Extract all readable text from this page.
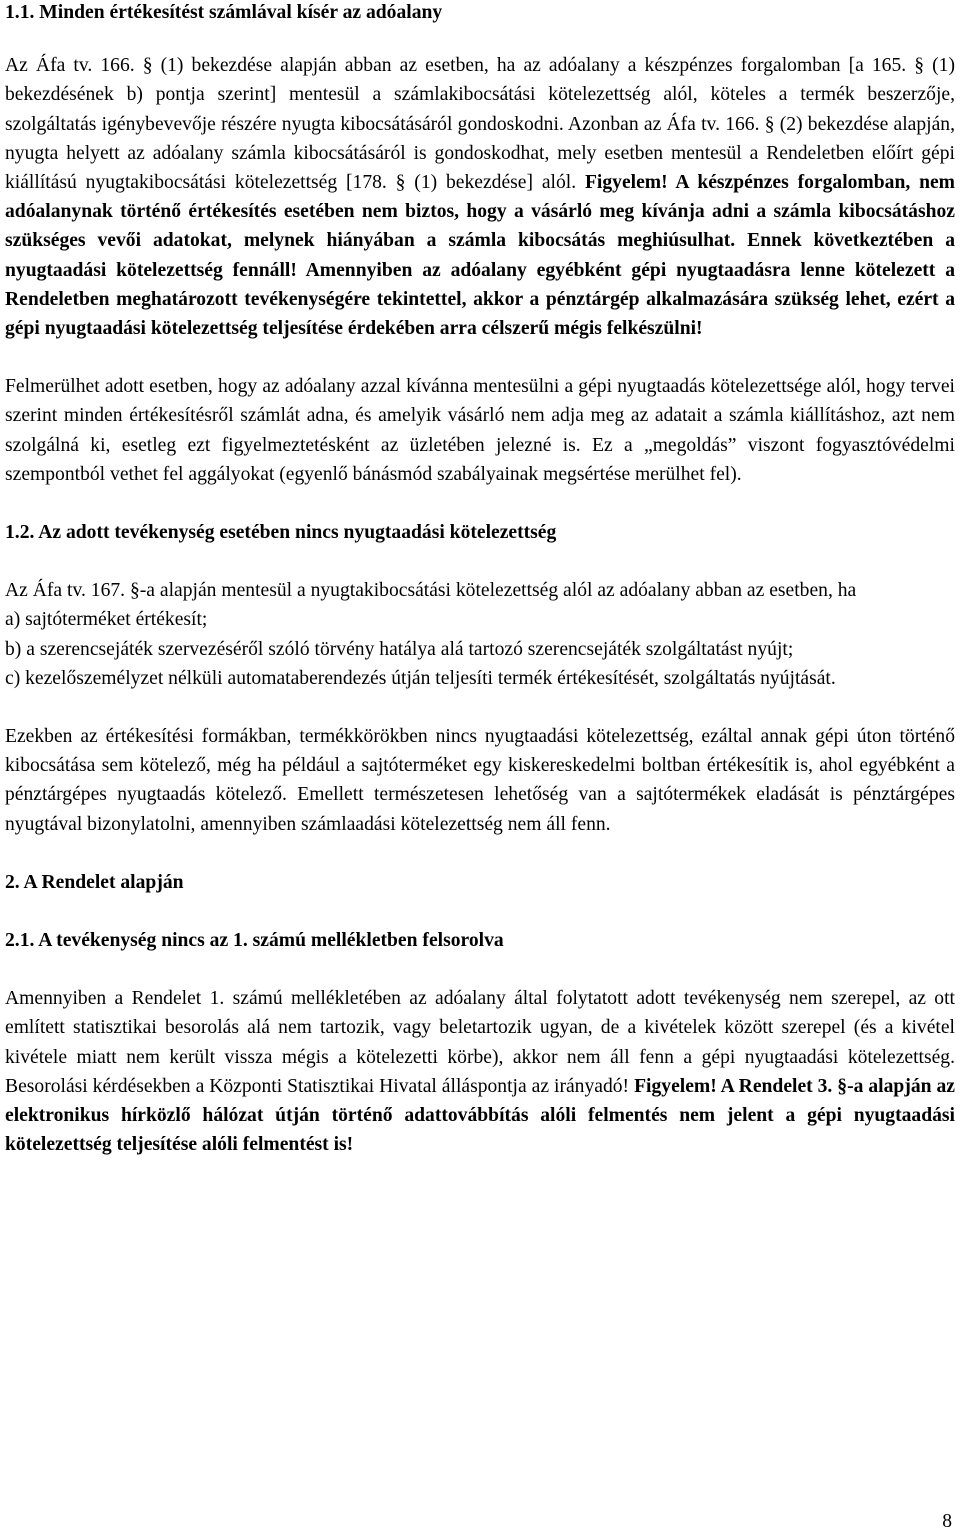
1.1. Minden értékesítést számlával kísér az adóalany

Az Áfa tv. 166. § (1) bekezdése alapján abban az esetben, ha az adóalany a készpénzes forgalomban [a 165. § (1) bekezdésének b) pontja szerint] mentesül a számlakibocsátási kötelezettség alól, köteles a termék beszerzője, szolgáltatás igénybevevője részére nyugta kibocsátásáról gondoskodni. Azonban az Áfa tv. 166. § (2) bekezdése alapján, nyugta helyett az adóalany számla kibocsátásáról is gondoskodhat, mely esetben mentesül a Rendeletben előírt gépi kiállítású nyugtakibocsátási kötelezettség [178. § (1) bekezdése] alól. Figyelem! A készpénzes forgalomban, nem adóalanynak történő értékesítés esetében nem biztos, hogy a vásárló meg kívánja adni a számla kibocsátáshoz szükséges vevői adatokat, melynek hiányában a számla kibocsátás meghiúsulhat. Ennek következtében a nyugtaadási kötelezettség fennáll! Amennyiben az adóalany egyébként gépi nyugtaadásra lenne kötelezett a Rendeletben meghatározott tevékenységére tekintettel, akkor a pénztárgép alkalmazására szükség lehet, ezért a gépi nyugtaadási kötelezettség teljesítése érdekében arra célszerű mégis felkészülni!

Felmerülhet adott esetben, hogy az adóalany azzal kívánna mentesülni a gépi nyugtaadás kötelezettsége alól, hogy tervei szerint minden értékesítésről számlát adna, és amelyik vásárló nem adja meg az adatait a számla kiállításhoz, azt nem szolgálná ki, esetleg ezt figyelmeztetésként az üzletében jelezné is. Ez a „megoldás” viszont fogyasztóvédelmi szempontból vethet fel aggályokat (egyenlő bánásmód szabályainak megsértése merülhet fel).

1.2. Az adott tevékenység esetében nincs nyugtaadási kötelezettség

Az Áfa tv. 167. §-a alapján mentesül a nyugtakibocsátási kötelezettség alól az adóalany abban az esetben, ha

a) sajtóterméket értékesít;

b) a szerencsejáték szervezéséről szóló törvény hatálya alá tartozó szerencsejáték szolgáltatást nyújt;

c) kezelőszemélyzet nélküli automataberendezés útján teljesíti termék értékesítését, szolgáltatás nyújtását.

Ezekben az értékesítési formákban, termékkörökben nincs nyugtaadási kötelezettség, ezáltal annak gépi úton történő kibocsátása sem kötelező, még ha például a sajtóterméket egy kiskereskedelmi boltban értékesítik is, ahol egyébként a pénztárgépes nyugtaadás kötelező. Emellett természetesen lehetőség van a sajtótermékek eladását is pénztárgépes nyugtával bizonylatolni, amennyiben számlaadási kötelezettség nem áll fenn.

2. A Rendelet alapján
2.1. A tevékenység nincs az 1. számú mellékletben felsorolva

Amennyiben a Rendelet 1. számú mellékletében az adóalany által folytatott adott tevékenység nem szerepel, az ott említett statisztikai besorolás alá nem tartozik, vagy beletartozik ugyan, de a kivételek között szerepel (és a kivétel kivétele miatt nem került vissza mégis a kötelezetti körbe), akkor nem áll fenn a gépi nyugtaadási kötelezettség. Besorolási kérdésekben a Központi Statisztikai Hivatal álláspontja az irányadó! Figyelem! A Rendelet 3. §-a alapján az elektronikus hírközlő hálózat útján történő adattovábbítás alóli felmentés nem jelent a gépi nyugtaadási kötelezettség teljesítése alóli felmentést is!

8
